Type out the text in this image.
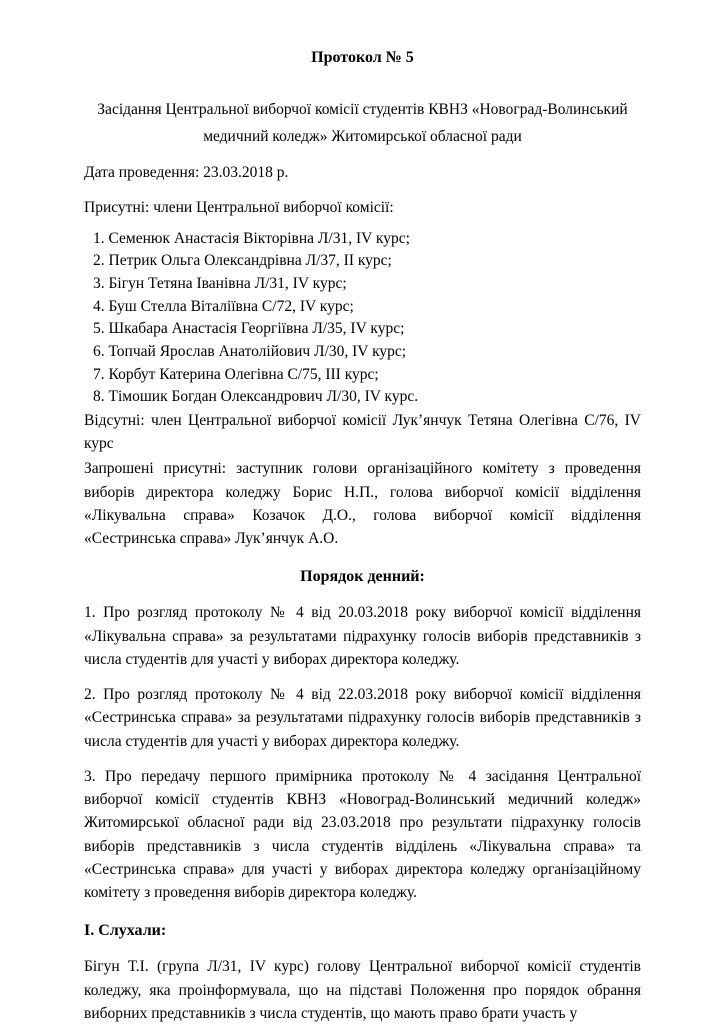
Протокол № 5
Засідання Центральної виборчої комісії студентів КВНЗ «Новоград-Волинський медичний коледж» Житомирської обласної ради
Дата проведення: 23.03.2018 р.
Присутні: члени Центральної виборчої комісії:
1. Семенюк Анастасія Вікторівна Л/31, IV курс;
2. Петрик Ольга Олександрівна Л/37, II курс;
3. Бігун Тетяна Іванівна Л/31, IV курс;
4. Буш Стелла Віталіївна С/72, IV курс;
5. Шкабара Анастасія Георгіївна Л/35, IV курс;
6. Топчай Ярослав Анатолійович Л/30, IV курс;
7. Корбут Катерина Олегівна С/75, III курс;
8. Тімошик Богдан Олександрович Л/30, IV курс.
Відсутні: член Центральної виборчої комісії Лук’янчук Тетяна Олегівна С/76, IV курс
Запрошені присутні: заступник голови організаційного комітету з проведення виборів директора коледжу Борис Н.П., голова виборчої комісії відділення «Лікувальна справа» Козачок Д.О., голова виборчої комісії відділення «Сестринська справа» Лук’янчук А.О.
Порядок денний:
1. Про розгляд протоколу № 4 від 20.03.2018 року виборчої комісії відділення «Лікувальна справа» за результатами підрахунку голосів виборів представників з числа студентів для участі у виборах директора коледжу.
2. Про розгляд протоколу № 4 від 22.03.2018 року виборчої комісії відділення «Сестринська справа» за результатами підрахунку голосів виборів представників з числа студентів для участі у виборах директора коледжу.
3. Про передачу першого примірника протоколу № 4 засідання Центральної виборчої комісії студентів КВНЗ «Новоград-Волинський медичний коледж» Житомирської обласної ради від 23.03.2018 про результати підрахунку голосів виборів представників з числа студентів відділень «Лікувальна справа» та «Сестринська справа» для участі у виборах директора коледжу організаційному комітету з проведення виборів директора коледжу.
I. Слухали:
Бігун Т.І. (група Л/31, IV курс) голову Центральної виборчої комісії студентів коледжу, яка проінформувала, що на підставі Положення про порядок обрання виборних представників з числа студентів, що мають право брати участь у
